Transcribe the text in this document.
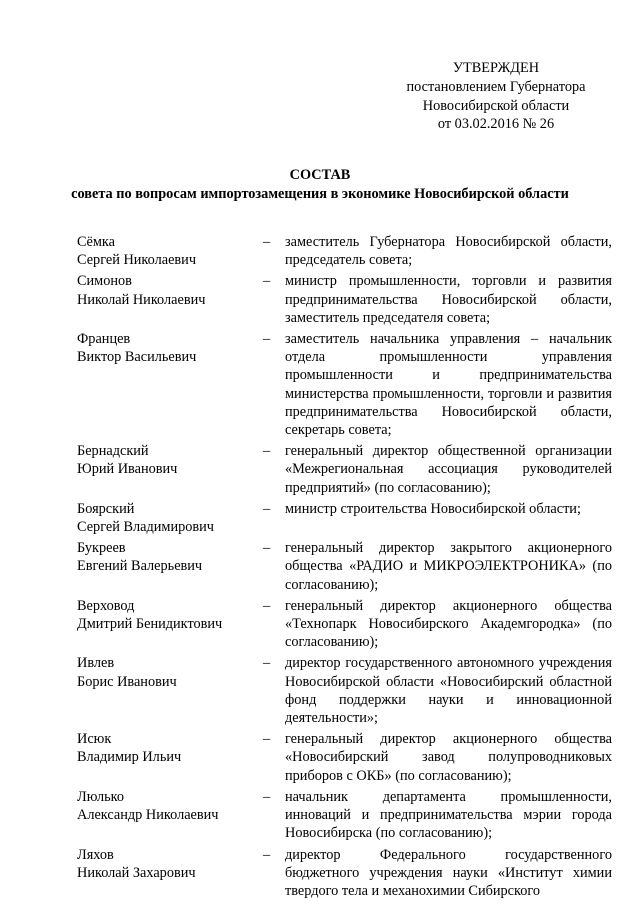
УТВЕРЖДЕН
постановлением Губернатора
Новосибирской области
от 03.02.2016 № 26
СОСТАВ
совета по вопросам импортозамещения в экономике Новосибирской области
Сёмка
Сергей Николаевич
–	заместитель Губернатора Новосибирской области, председатель совета;
Симонов
Николай Николаевич
–	министр промышленности, торговли и развития предпринимательства Новосибирской области, заместитель председателя совета;
Францев
Виктор Васильевич
–	заместитель начальника управления – начальник отдела промышленности управления промышленности и предпринимательства министерства промышленности, торговли и развития предпринимательства Новосибирской области, секретарь совета;
Бернадский
Юрий Иванович
–	генеральный директор общественной организации «Межрегиональная ассоциация руководителей предприятий» (по согласованию);
Боярский
Сергей Владимирович
–	министр строительства Новосибирской области;
Букреев
Евгений Валерьевич
–	генеральный директор закрытого акционерного общества «РАДИО и МИКРОЭЛЕКТРОНИКА» (по согласованию);
Верховод
Дмитрий Бенидиктович
–	генеральный директор акционерного общества «Технопарк Новосибирского Академгородка» (по согласованию);
Ивлев
Борис Иванович
–	директор государственного автономного учреждения Новосибирской области «Новосибирский областной фонд поддержки науки и инновационной деятельности»;
Исюк
Владимир Ильич
–	генеральный директор акционерного общества «Новосибирский завод полупроводниковых приборов с ОКБ» (по согласованию);
Люлько
Александр Николаевич
–	начальник департамента промышленности, инноваций и предпринимательства мэрии города Новосибирска (по согласованию);
Ляхов
Николай Захарович
–	директор Федерального государственного бюджетного учреждения науки «Институт химии твердого тела и механохимии Сибирского
